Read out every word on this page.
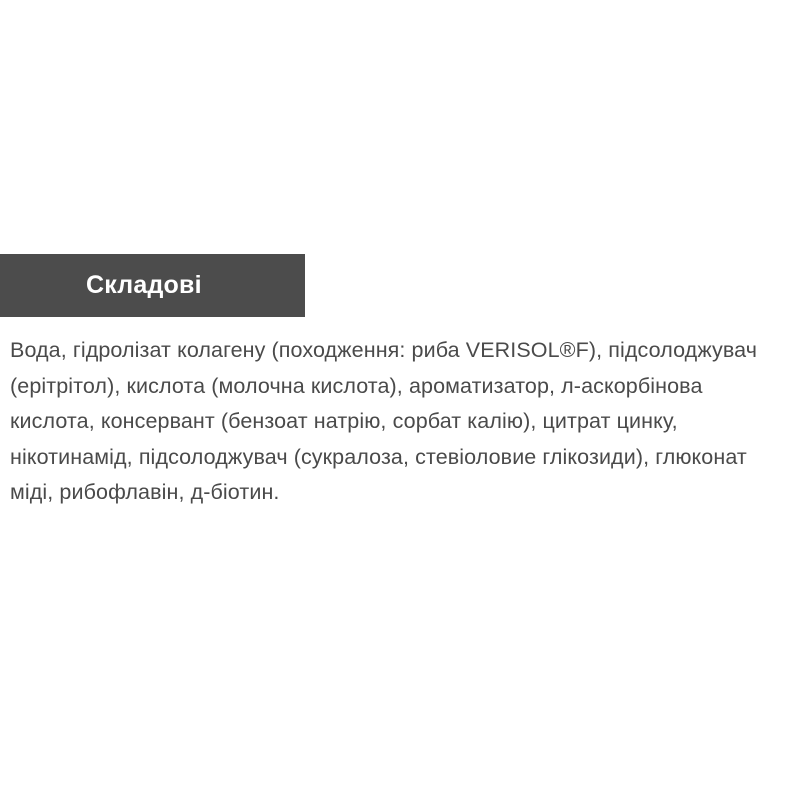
Складові
Вода, гідролізат колагену (походження: риба VERISOL®F), підсолоджувач (ерітрітол), кислота (молочна кислота), ароматизатор, л-аскорбінова кислота, консервант (бензоат натрію, сорбат калію), цитрат цинку, нікотинамід, підсолоджувач (сукралоза, стевіоловие глікозиди), глюконат міді, рибофлавін, д-біотин.
